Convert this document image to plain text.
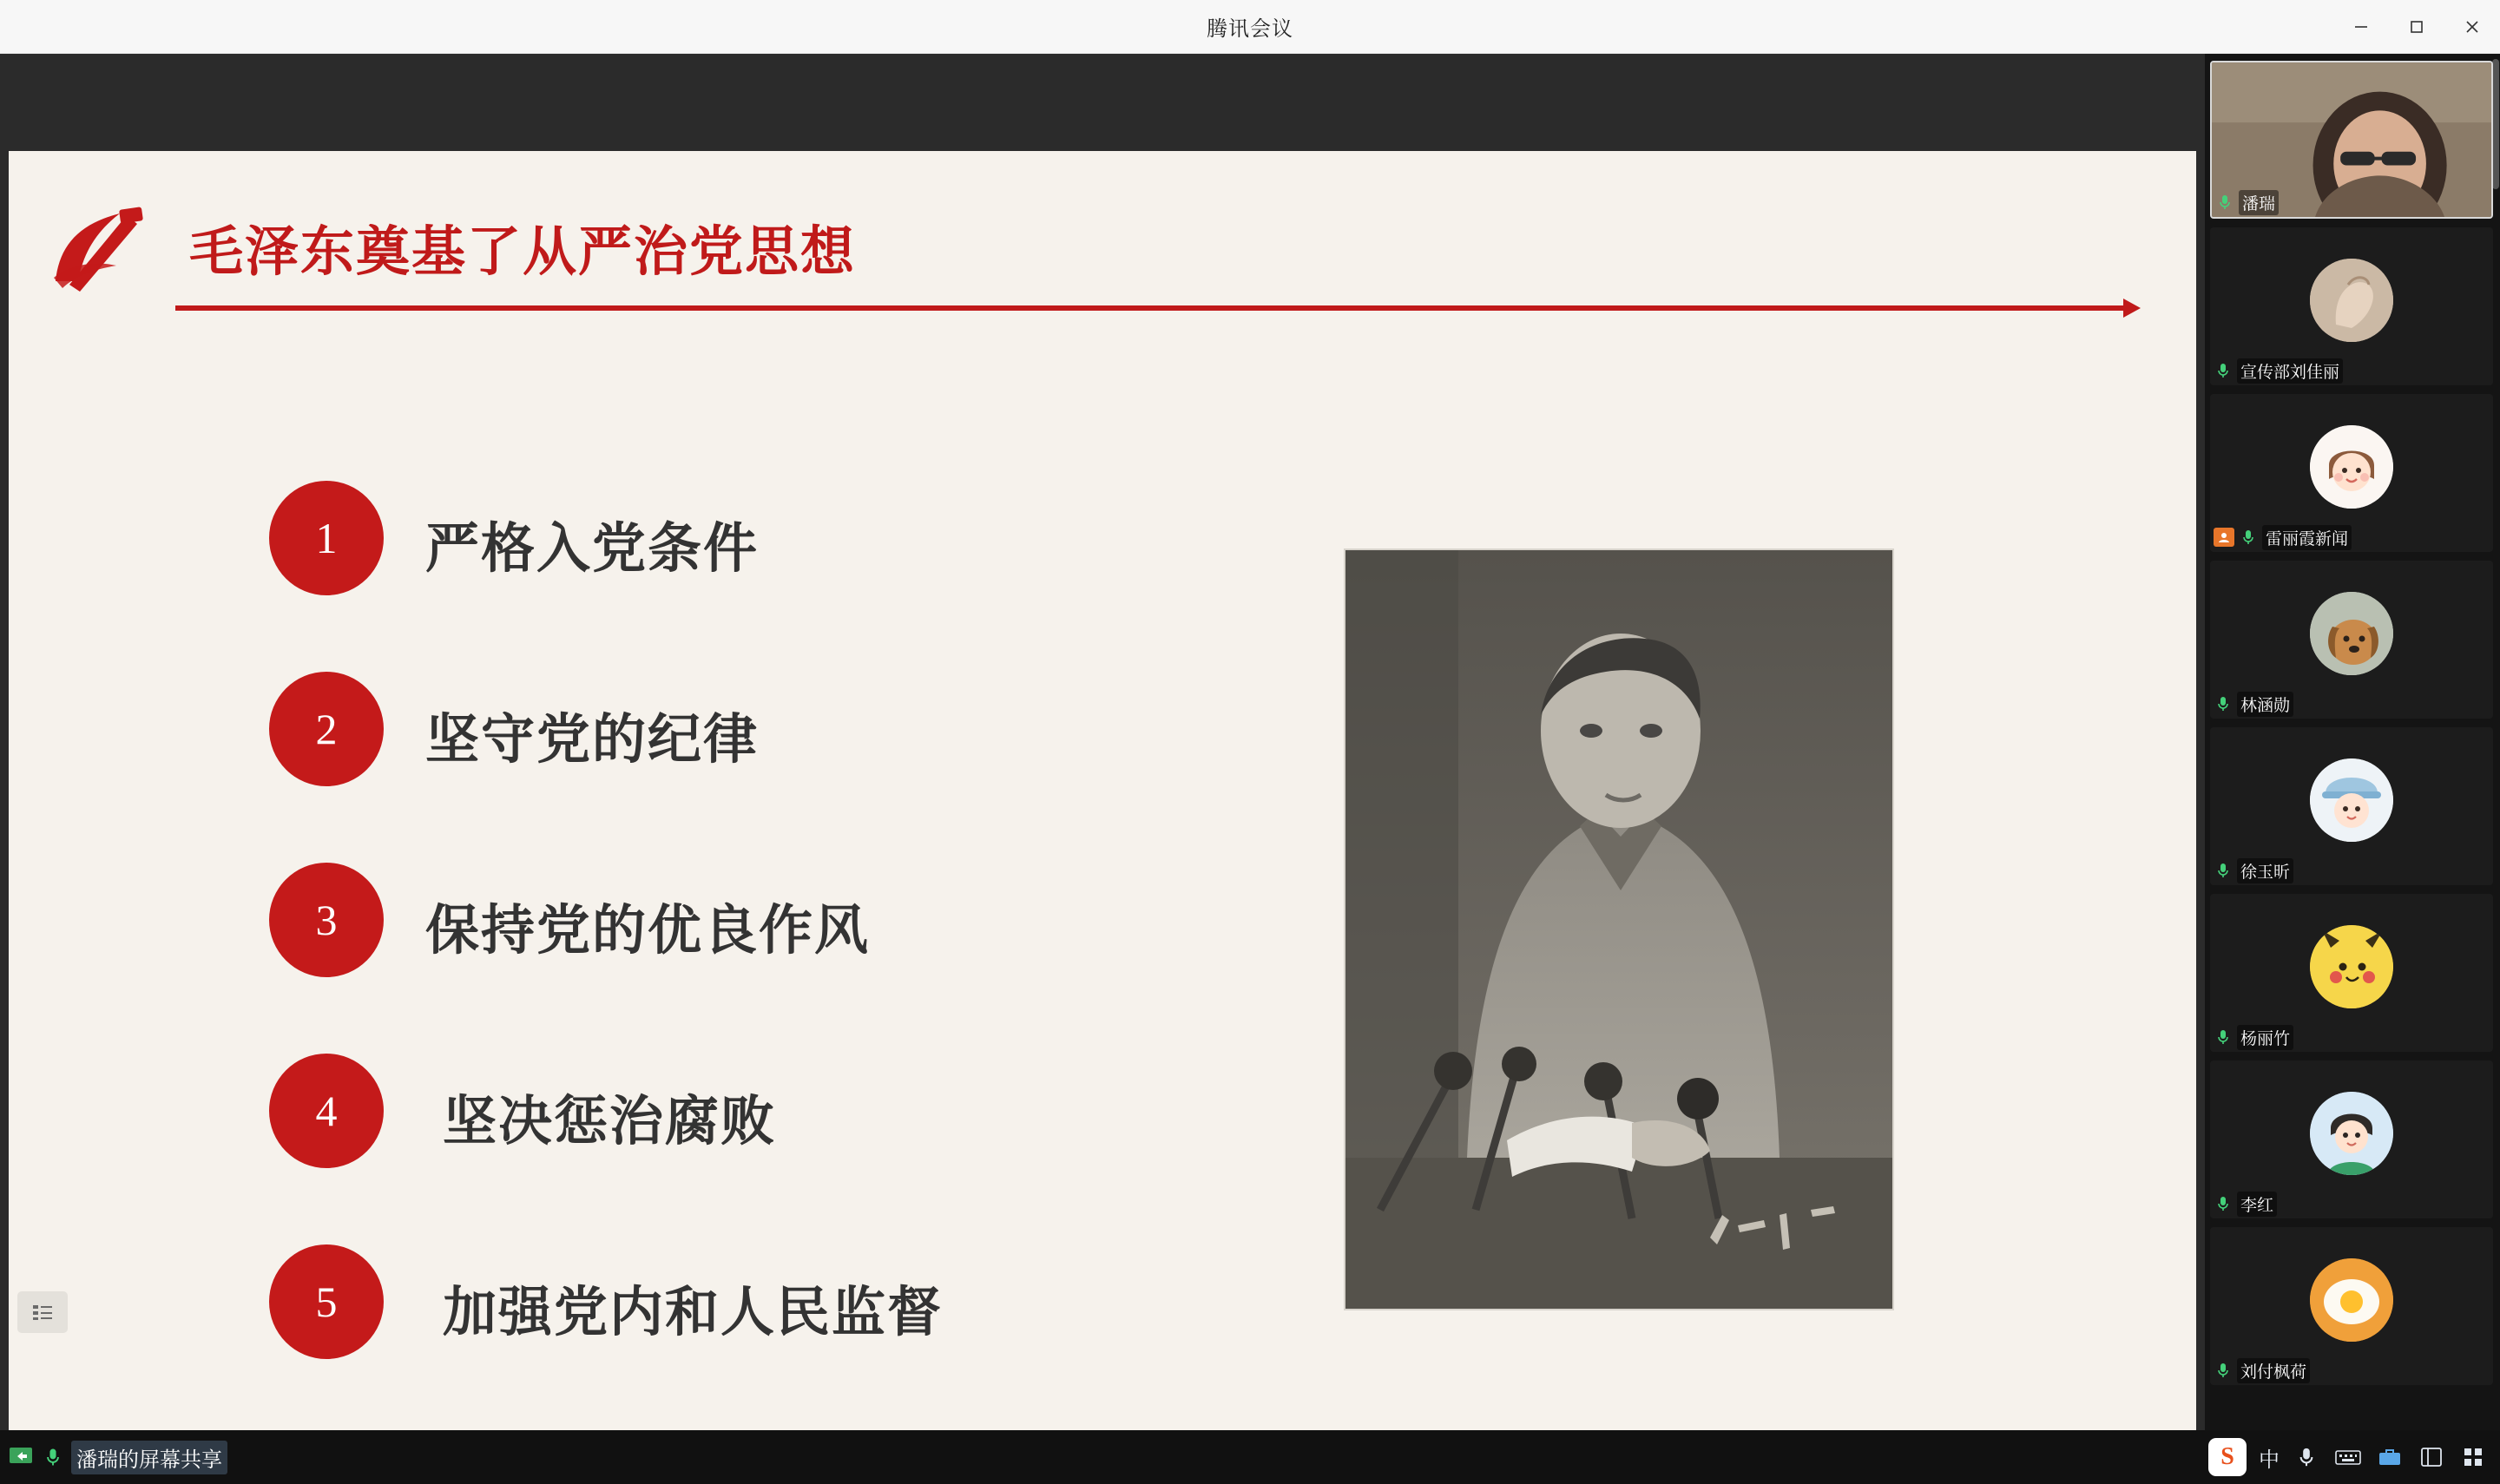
腾讯会议
毛泽东奠基了从严治党思想
1	严格入党条件
2	坚守党的纪律
3	保持党的优良作风
4	坚决惩治腐败
5	加强党内和人民监督
潘瑞
宣传部刘佳丽
雷丽霞新闻
林涵勋
徐玉昕
杨丽竹
李红
刘付枫荷
潘瑞的屏幕共享	S 中
